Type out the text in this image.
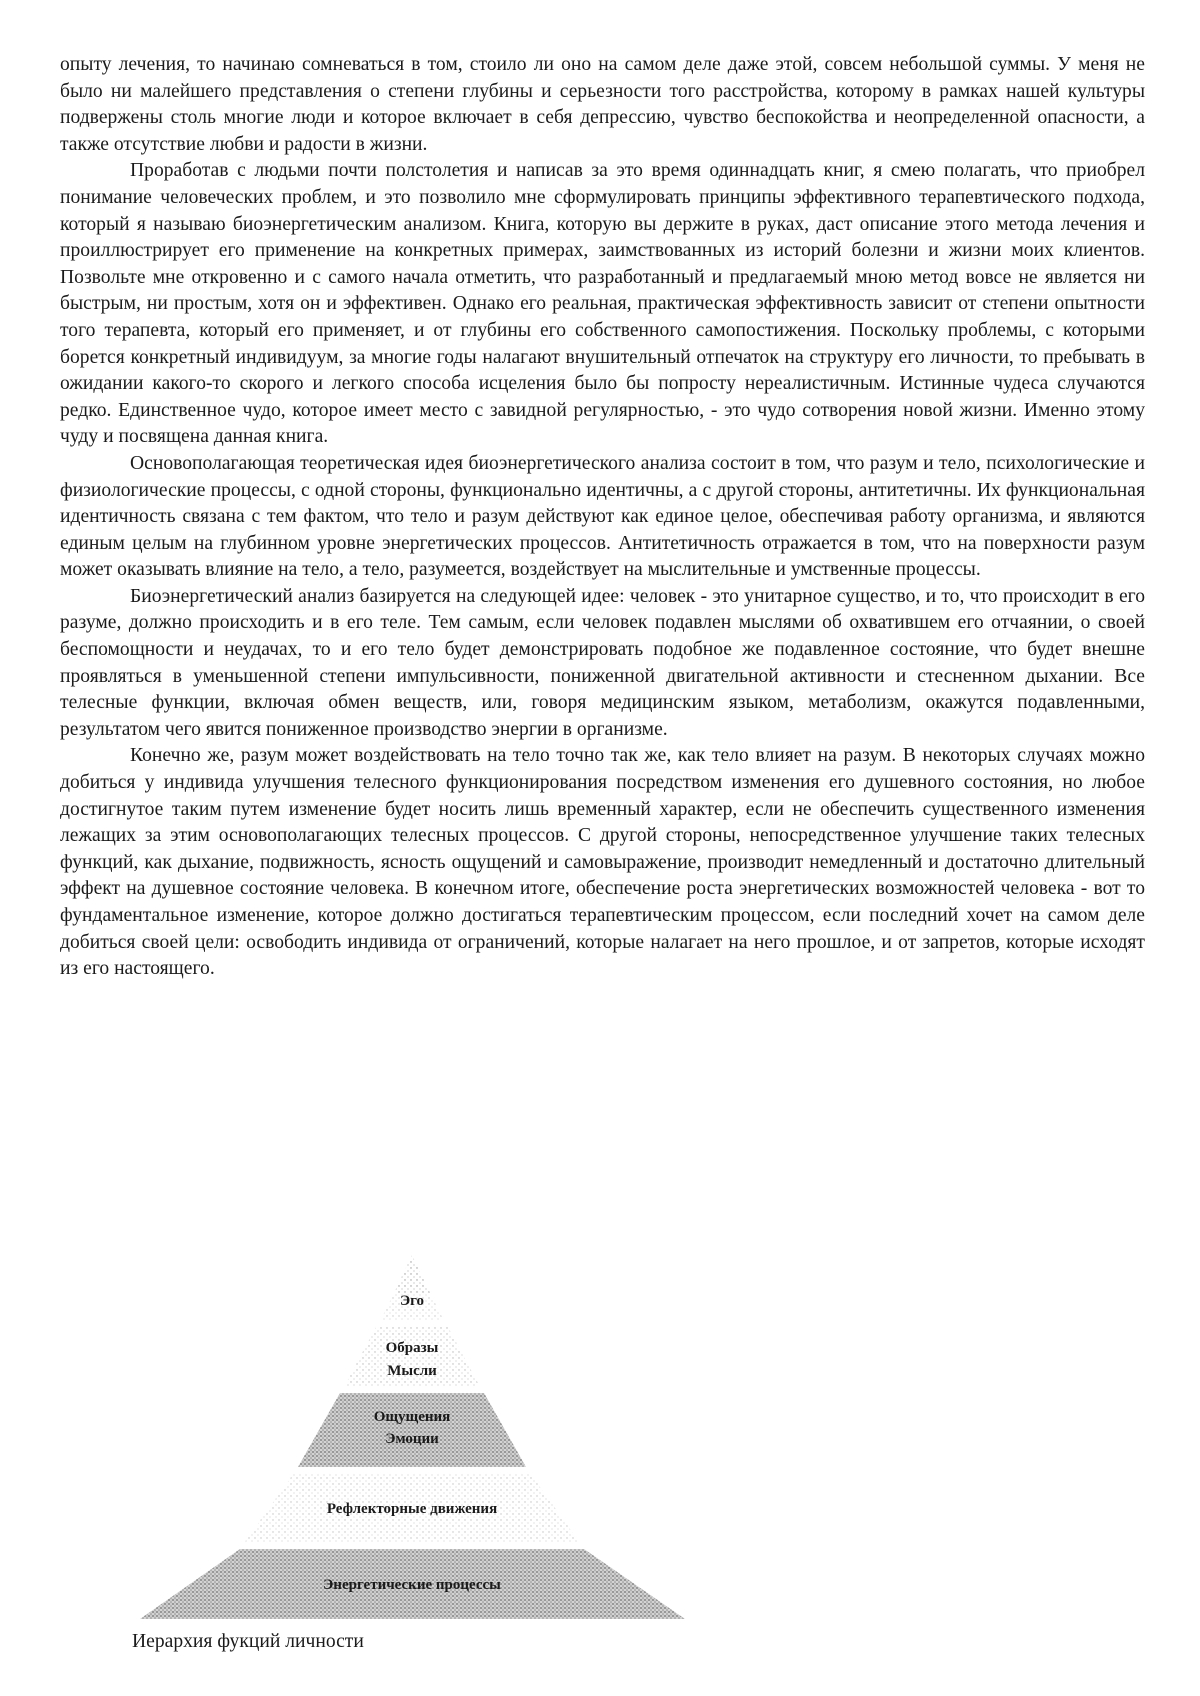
опыту лечения, то начинаю сомневаться в том, стоило ли оно на самом деле даже этой, совсем небольшой суммы. У меня не было ни малейшего представления о степени глубины и серьезности того расстройства, которому в рамках нашей культуры подвержены столь многие люди и которое включает в себя депрессию, чувство беспокойства и неопределенной опасности, а также отсутствие любви и радости в жизни.

Проработав с людьми почти полстолетия и написав за это время одиннадцать книг, я смею полагать, что приобрел понимание человеческих проблем, и это позволило мне сформулировать принципы эффективного терапевтического подхода, который я называю биоэнергетическим анализом. Книга, которую вы держите в руках, даст описание этого метода лечения и проиллюстрирует его применение на конкретных примерах, заимствованных из историй болезни и жизни моих клиентов. Позвольте мне откровенно и с самого начала отметить, что разработанный и предлагаемый мною метод вовсе не является ни быстрым, ни простым, хотя он и эффективен. Однако его реальная, практическая эффективность зависит от степени опытности того терапевта, который его применяет, и от глубины его собственного самопостижения. Поскольку проблемы, с которыми борется конкретный индивидуум, за многие годы налагают внушительный отпечаток на структуру его личности, то пребывать в ожидании какого-то скорого и легкого способа исцеления было бы попросту нереалистичным. Истинные чудеса случаются редко. Единственное чудо, которое имеет место с завидной регулярностью, - это чудо сотворения новой жизни. Именно этому чуду и посвящена данная книга.

Основополагающая теоретическая идея биоэнергетического анализа состоит в том, что разум и тело, психологические и физиологические процессы, с одной стороны, функционально идентичны, а с другой стороны, антитетичны. Их функциональная идентичность связана с тем фактом, что тело и разум действуют как единое целое, обеспечивая работу организма, и являются единым целым на глубинном уровне энергетических процессов. Антитетичность отражается в том, что на поверхности разум может оказывать влияние на тело, а тело, разумеется, воздействует на мыслительные и умственные процессы.

Биоэнергетический анализ базируется на следующей идее: человек - это унитарное существо, и то, что происходит в его разуме, должно происходить и в его теле. Тем самым, если человек подавлен мыслями об охватившем его отчаянии, о своей беспомощности и неудачах, то и его тело будет демонстрировать подобное же подавленное состояние, что будет внешне проявляться в уменьшенной степени импульсивности, пониженной двигательной активности и стесненном дыхании. Все телесные функции, включая обмен веществ, или, говоря медицинским языком, метаболизм, окажутся подавленными, результатом чего явится пониженное производство энергии в организме.

Конечно же, разум может воздействовать на тело точно так же, как тело влияет на разум. В некоторых случаях можно добиться у индивида улучшения телесного функционирования посредством изменения его душевного состояния, но любое достигнутое таким путем изменение будет носить лишь временный характер, если не обеспечить существенного изменения лежащих за этим основополагающих телесных процессов. С другой стороны, непосредственное улучшение таких телесных функций, как дыхание, подвижность, ясность ощущений и самовыражение, производит немедленный и достаточно длительный эффект на душевное состояние человека. В конечном итоге, обеспечение роста энергетических возможностей человека - вот то фундаментальное изменение, которое должно достигаться терапевтическим процессом, если последний хочет на самом деле добиться своей цели: освободить индивида от ограничений, которые налагает на него прошлое, и от запретов, которые исходят из его настоящего.

Эго
Образы
Мысли
Ощущения
Эмоции
Рефлекторные движения
Энергетические процессы
Иерархия фукций личности
